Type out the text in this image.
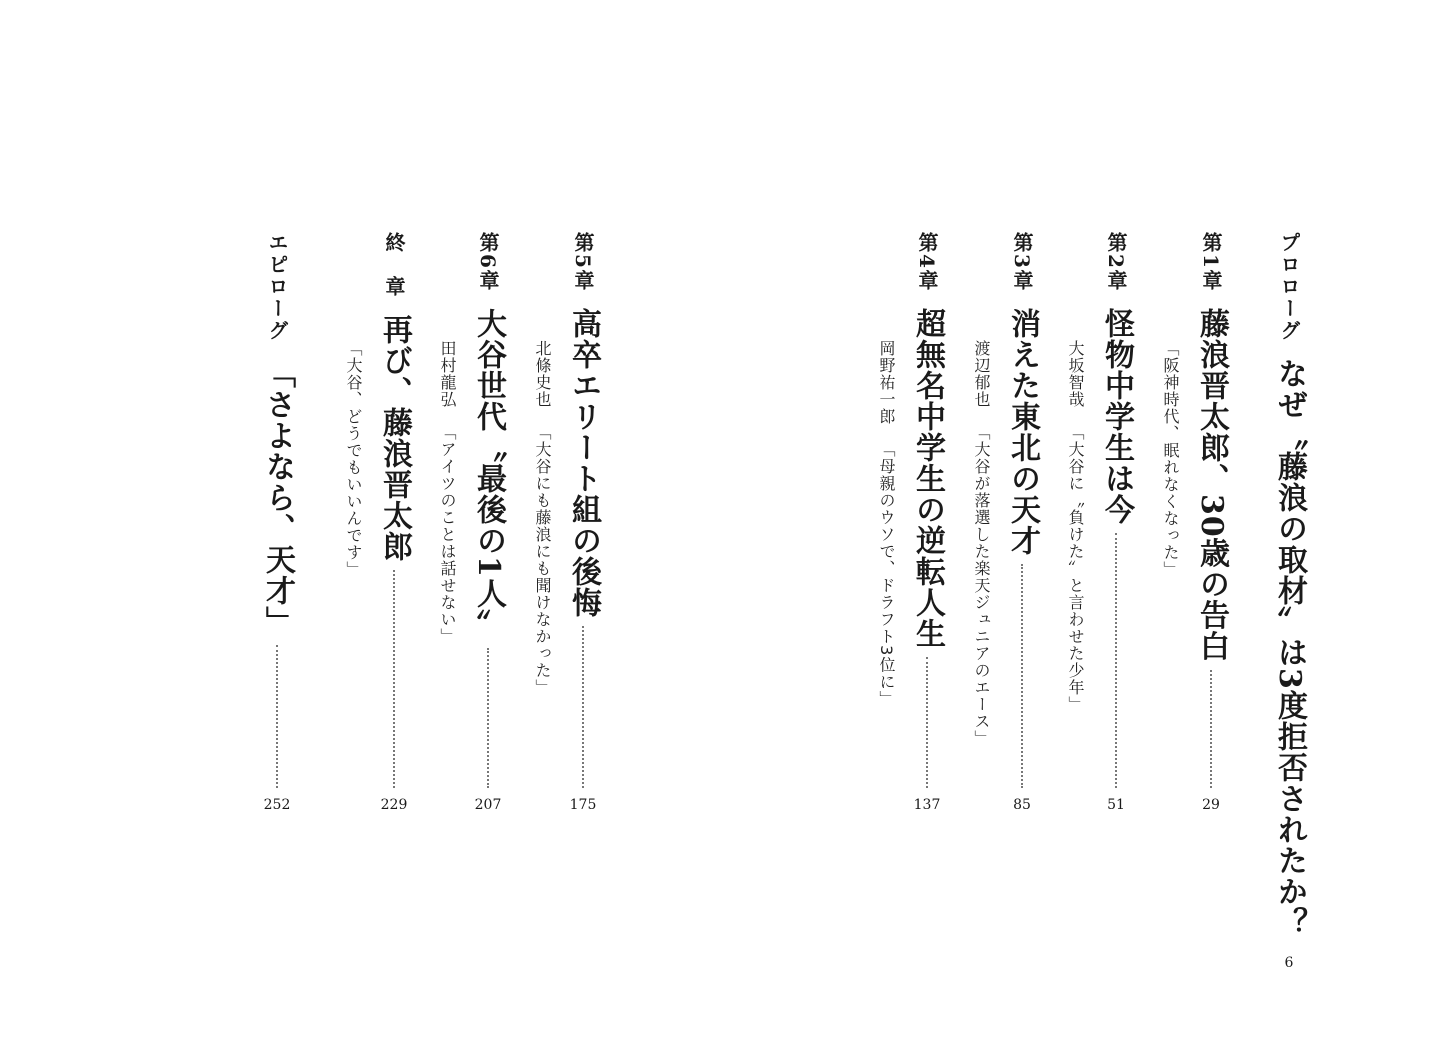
プロローグ
なぜ〝藤浪の取材〟は3度拒否されたか？
6
第1章
藤浪晋太郎、30歳の告白
29
「阪神時代、眠れなくなった」
第2章
怪物中学生は今
51
大坂智哉 「大谷に〝負けた〟と言わせた少年」
第3章
消えた東北の天才
85
渡辺郁也 「大谷が落選した楽天ジュニアのエース」
第4章
超無名中学生の逆転人生
137
岡野祐一郎 「母親のウソで、ドラフト3位に」
第5章
高卒エリート組の後悔
175
北條史也 「大谷にも藤浪にも聞けなかった」
第6章
大谷世代〝最後の1人〟
207
田村龍弘 「アイツのことは話せない」
終　章
再び、藤浪晋太郎
229
「大谷、どうでもいいんです」
エピローグ
「さよなら、天才」
252
